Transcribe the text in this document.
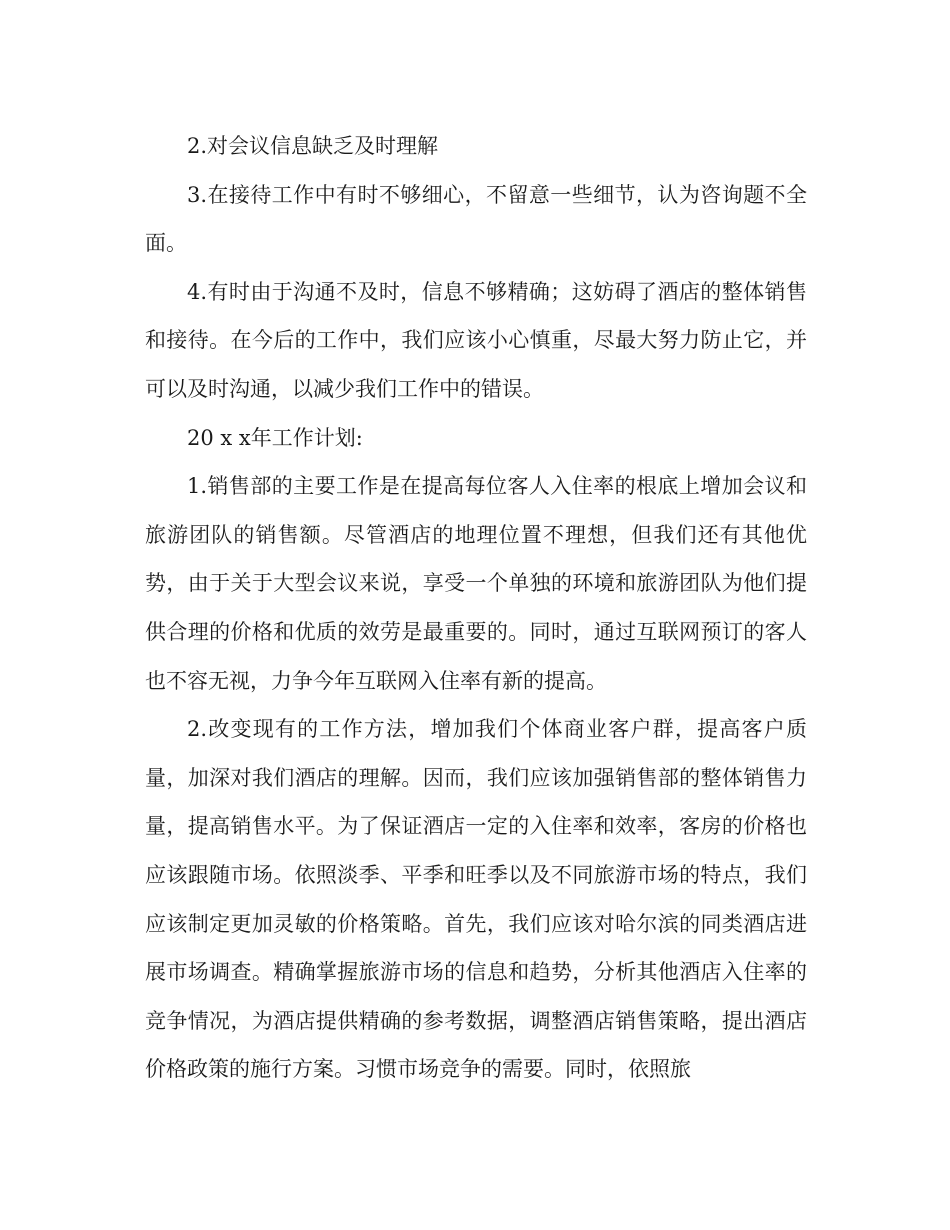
2.对会议信息缺乏及时理解

3.在接待工作中有时不够细心，不留意一些细节，认为咨询题不全面。

4.有时由于沟通不及时，信息不够精确；这妨碍了酒店的整体销售和接待。在今后的工作中，我们应该小心慎重，尽最大努力防止它，并可以及时沟通，以减少我们工作中的错误。

20 x x年工作计划:

1.销售部的主要工作是在提高每位客人入住率的根底上增加会议和旅游团队的销售额。尽管酒店的地理位置不理想，但我们还有其他优势，由于关于大型会议来说，享受一个单独的环境和旅游团队为他们提供合理的价格和优质的效劳是最重要的。同时，通过互联网预订的客人也不容无视，力争今年互联网入住率有新的提高。

2.改变现有的工作方法，增加我们个体商业客户群，提高客户质量，加深对我们酒店的理解。因而，我们应该加强销售部的整体销售力量，提高销售水平。为了保证酒店一定的入住率和效率，客房的价格也应该跟随市场。依照淡季、平季和旺季以及不同旅游市场的特点，我们应该制定更加灵敏的价格策略。首先，我们应该对哈尔滨的同类酒店进展市场调查。精确掌握旅游市场的信息和趋势，分析其他酒店入住率的竞争情况，为酒店提供精确的参考数据，调整酒店销售策略，提出酒店价格政策的施行方案。习惯市场竞争的需要。同时，依照旅
